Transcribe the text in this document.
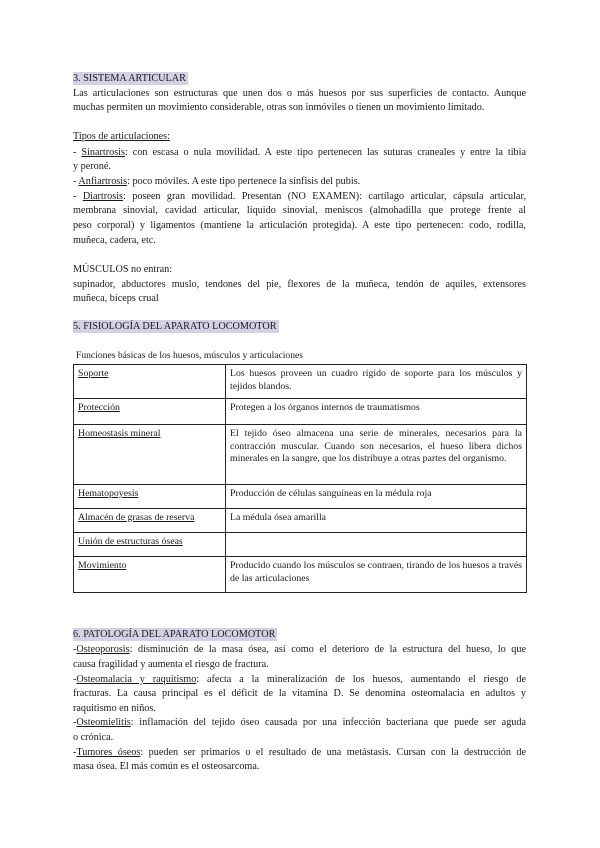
3. SISTEMA ARTICULAR
Las articulaciones son estructuras que unen dos o más huesos por sus superficies de contacto. Aunque
muchas permiten un movimiento considerable, otras son inmóviles o tienen un movimiento limitado.
Tipos de articulaciones:
- Sinartrosis: con escasa o nula movilidad. A este tipo pertenecen las suturas craneales y entre la tibia
y peroné.
- Anfiartrosis: poco móviles. A este tipo pertenece la sínfisis del pubis.
- Diartrosis: poseen gran movilidad. Presentan (NO EXAMEN): cartílago articular, cápsula articular,
membrana sinovial, cavidad articular, líquido sinovial, meniscos (almohadilla que protege frente al
peso corporal) y ligamentos (mantiene la articulación protegida). A este tipo pertenecen: codo, rodilla,
muñeca, cadera, etc.
MÚSCULOS no entran:
supinador, abductores muslo, tendones del pie, flexores de la muñeca, tendón de aquiles, extensores
muñeca, bíceps crual
5. FISIOLOGÍA DEL APARATO LOCOMOTOR
Funciones básicas de los huesos, músculos y articulaciones
Soporte	Los huesos proveen un cuadro rígido de soporte para los músculos y tejidos blandos.
Protección	Protegen a los órganos internos de traumatismos
Homeostasis mineral	El tejido óseo almacena una serie de minerales, necesarios para la contracción muscular. Cuando son necesarios, el hueso libera dichos minerales en la sangre, que los distribuye a otras partes del organismo.
Hematopoyesis	Producción de células sanguíneas en la médula roja
Almacén de grasas de reserva	La médula ósea amarilla
Unión de estructuras óseas	
Movimiento	Producido cuando los músculos se contraen, tirando de los huesos a través de las articulaciones
6. PATOLOGÍA DEL APARATO LOCOMOTOR
-Osteoporosis: disminución de la masa ósea, así como el deterioro de la estructura del hueso, lo que
causa fragilidad y aumenta el riesgo de fractura.
-Osteomalacia y raquitismo: afecta a la mineralización de los huesos, aumentando el riesgo de
fracturas. La causa principal es el déficit de la vitamina D. Se denomina osteomalacia en adultos y
raquitismo en niños.
-Osteomielitis: inflamación del tejido óseo causada por una infección bacteriana que puede ser aguda
o crónica.
-Tumores óseos: pueden ser primarios o el resultado de una metástasis. Cursan con la destrucción de
masa ósea. El más común es el osteosarcoma.
